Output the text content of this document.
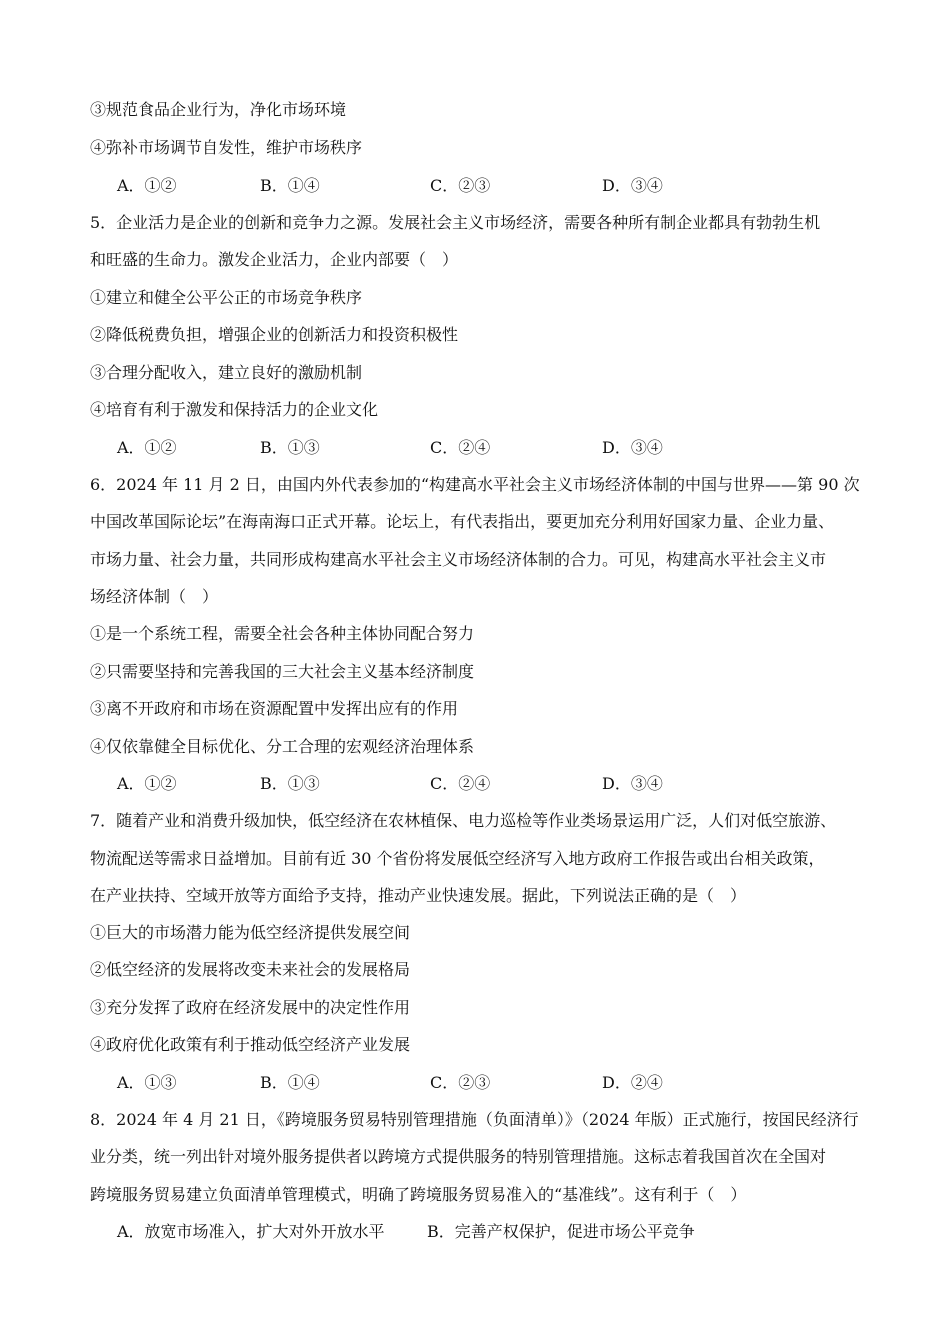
③规范食品企业行为，净化市场环境
④弥补市场调节自发性，维护市场秩序
A．①②	B．①④	C．②③	D．③④
5．企业活力是企业的创新和竞争力之源。发展社会主义市场经济，需要各种所有制企业都具有勃勃生机
和旺盛的生命力。激发企业活力，企业内部要（　）
①建立和健全公平公正的市场竞争秩序
②降低税费负担，增强企业的创新活力和投资积极性
③合理分配收入，建立良好的激励机制
④培育有利于激发和保持活力的企业文化
A．①②	B．①③	C．②④	D．③④
6．2024 年 11 月 2 日，由国内外代表参加的“构建高水平社会主义市场经济体制的中国与世界——第 90 次
中国改革国际论坛”在海南海口正式开幕。论坛上，有代表指出，要更加充分利用好国家力量、企业力量、
市场力量、社会力量，共同形成构建高水平社会主义市场经济体制的合力。可见，构建高水平社会主义市
场经济体制（　）
①是一个系统工程，需要全社会各种主体协同配合努力
②只需要坚持和完善我国的三大社会主义基本经济制度
③离不开政府和市场在资源配置中发挥出应有的作用
④仅依靠健全目标优化、分工合理的宏观经济治理体系
A．①②	B．①③	C．②④	D．③④
7．随着产业和消费升级加快，低空经济在农林植保、电力巡检等作业类场景运用广泛，人们对低空旅游、
物流配送等需求日益增加。目前有近 30 个省份将发展低空经济写入地方政府工作报告或出台相关政策，
在产业扶持、空域开放等方面给予支持，推动产业快速发展。据此，下列说法正确的是（　）
①巨大的市场潜力能为低空经济提供发展空间
②低空经济的发展将改变未来社会的发展格局
③充分发挥了政府在经济发展中的决定性作用
④政府优化政策有利于推动低空经济产业发展
A．①③	B．①④	C．②③	D．②④
8．2024 年 4 月 21 日，《跨境服务贸易特别管理措施（负面清单）》（2024 年版）正式施行，按国民经济行
业分类，统一列出针对境外服务提供者以跨境方式提供服务的特别管理措施。这标志着我国首次在全国对
跨境服务贸易建立负面清单管理模式，明确了跨境服务贸易准入的“基准线”。这有利于（　）
A．放宽市场准入，扩大对外开放水平	B．完善产权保护，促进市场公平竞争
